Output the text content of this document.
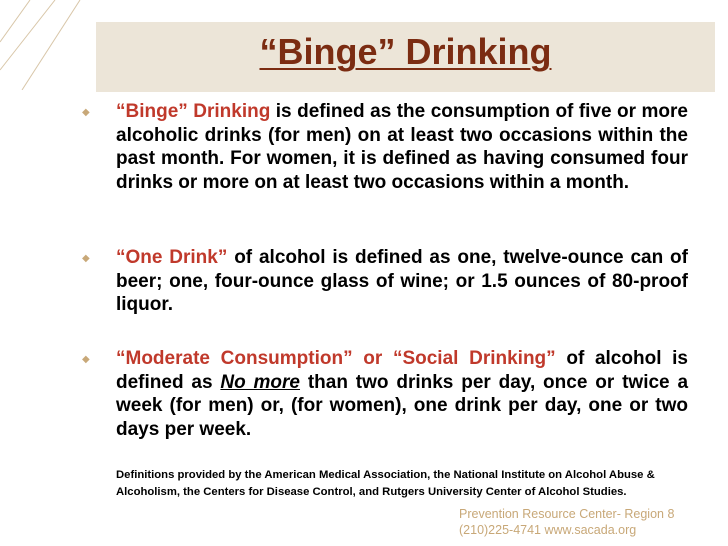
“Binge” Drinking
◆ “Binge” Drinking is defined as the consumption of five or more alcoholic drinks (for men) on at least two occasions within the past month. For women, it is defined as having consumed four drinks or more on at least two occasions within a month.
◆ “One Drink” of alcohol is defined as one, twelve-ounce can of beer; one, four-ounce glass of wine; or 1.5 ounces of 80-proof liquor.
◆ “Moderate Consumption” or “Social Drinking” of alcohol is defined as No more than two drinks per day, once or twice a week (for men) or, (for women), one drink per day, one or two days per week.
Definitions provided by the American Medical Association, the National Institute on Alcohol Abuse & Alcoholism, the Centers for Disease Control, and Rutgers University Center of Alcohol Studies.
Prevention Resource Center- Region 8
(210)225-4741 www.sacada.org
